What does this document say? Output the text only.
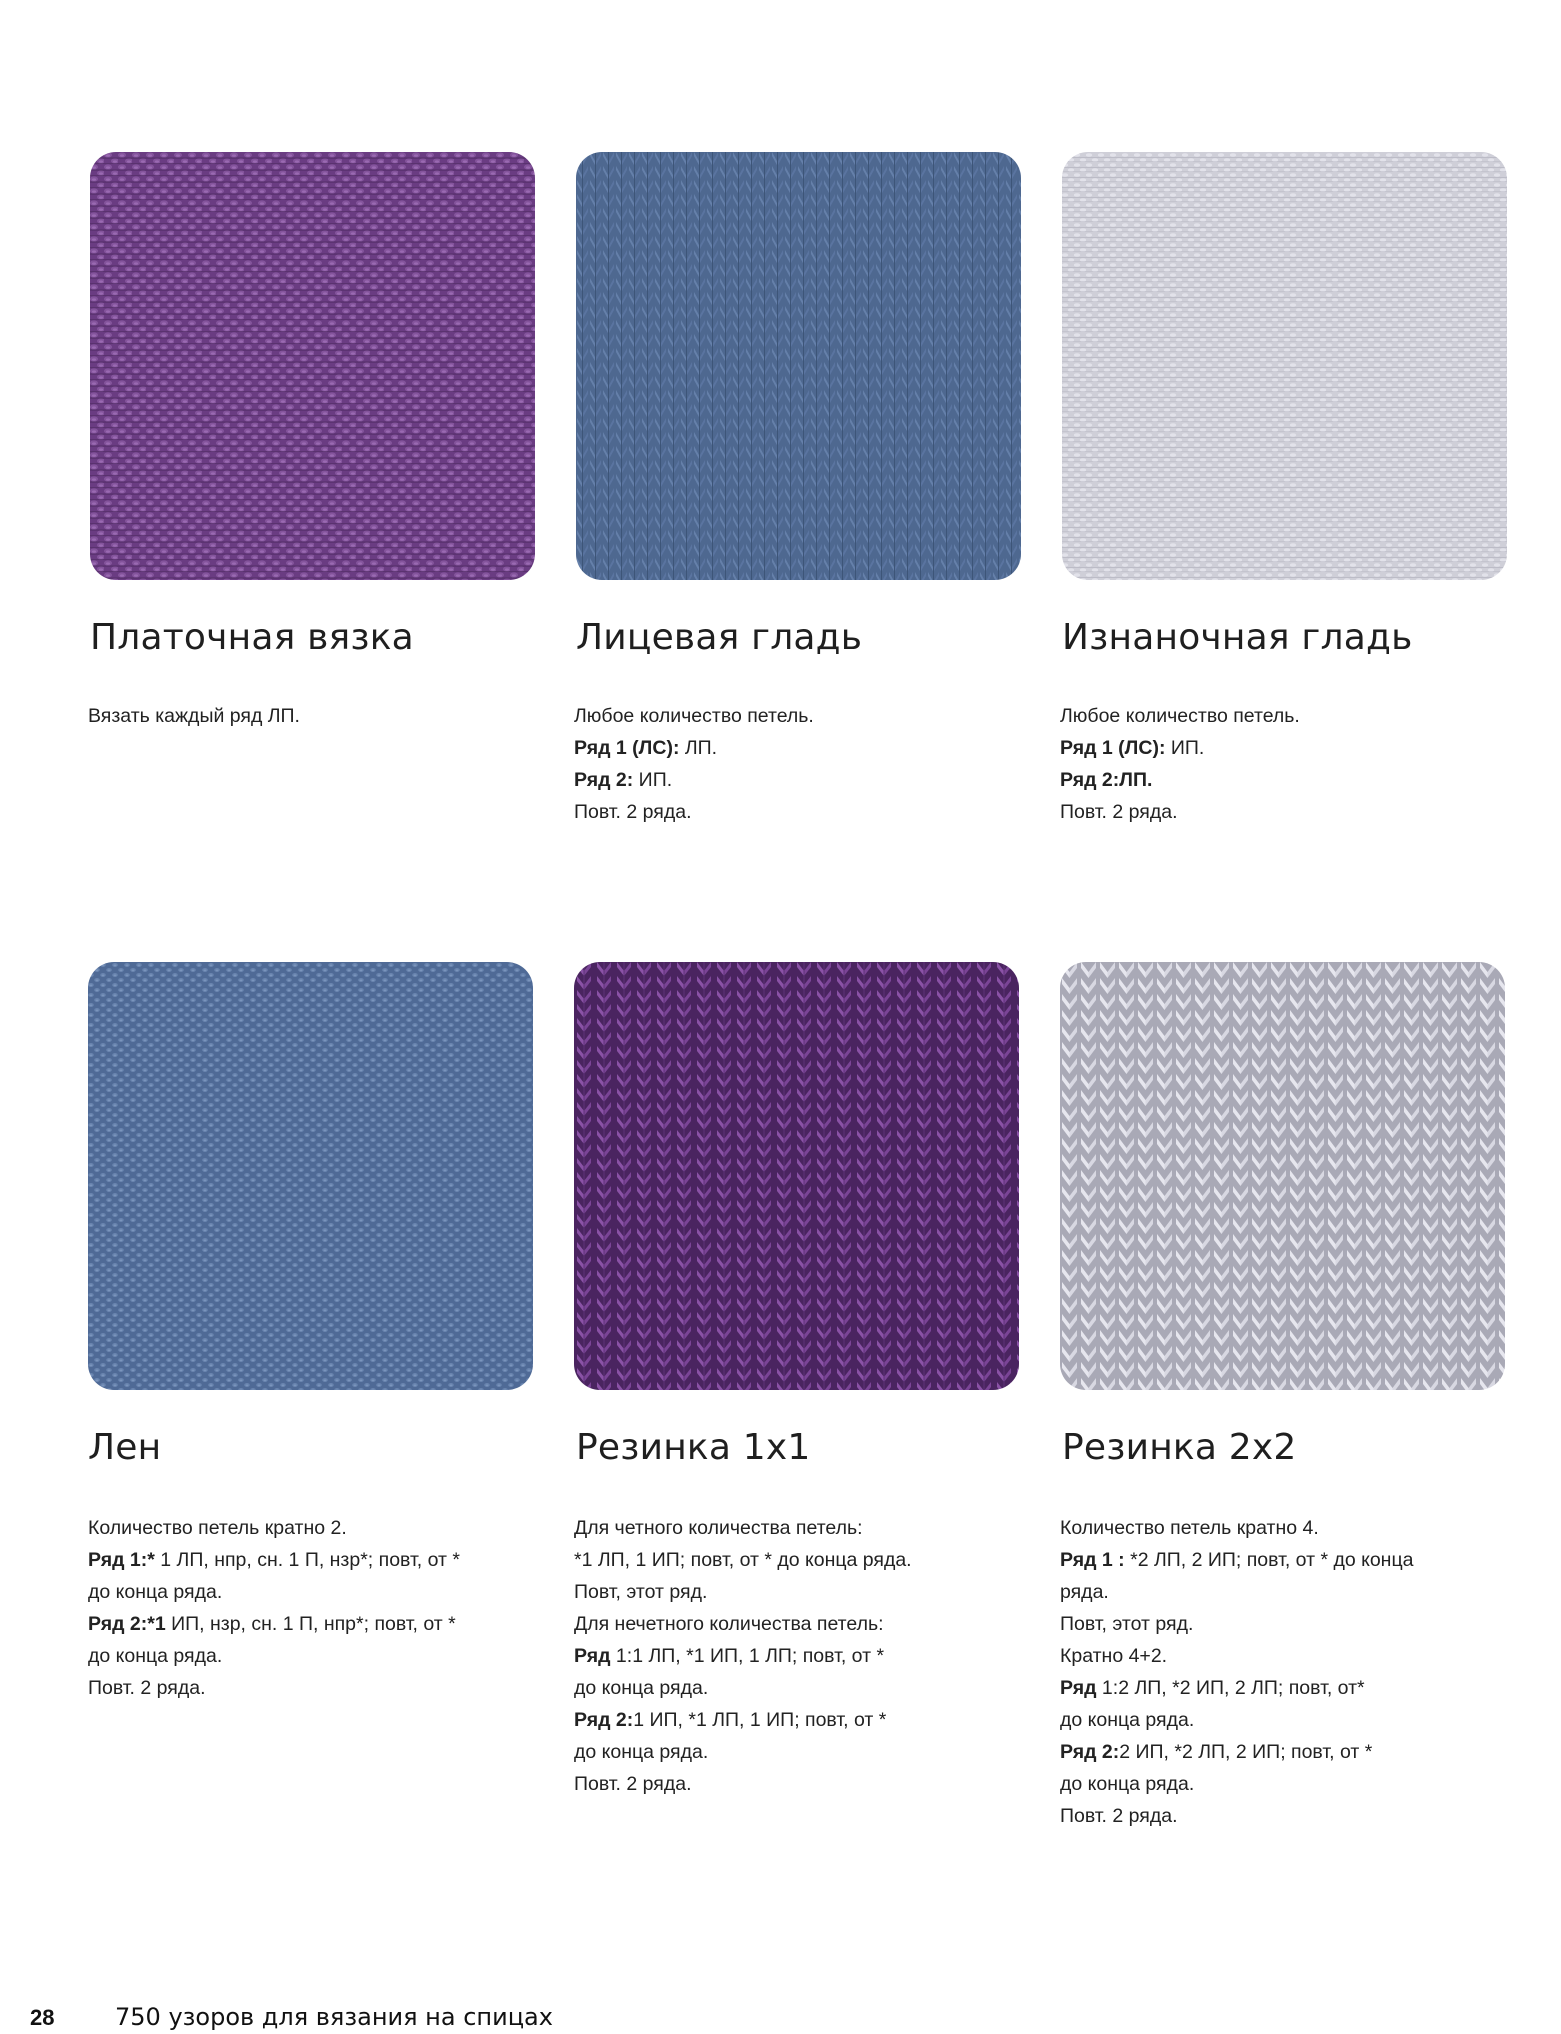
Платочная вязка	Лицевая гладь	Изнаночная гладь
Лен	Резинка 1x1	Резинка 2x2
Вязать каждый ряд ЛП.	Любое количество петель.
Ряд 1 (ЛС): ЛП.
Ряд 2: ИП.
Повт. 2 ряда.
Любое количество петель.
Ряд 1 (ЛС): ИП.
Ряд 2:ЛП.
Повт. 2 ряда.
Количество петель кратно 2.
Ряд 1:* 1 ЛП, нпр, сн. 1 П, нзр*; повт, от *
до конца ряда.
Ряд 2:*1 ИП, нзр, сн. 1 П, нпр*; повт, от *
до конца ряда.
Повт. 2 ряда.
Для четного количества петель:
*1 ЛП, 1 ИП; повт, от * до конца ряда.
Повт, этот ряд.
Для нечетного количества петель:
Ряд 1:1 ЛП, *1 ИП, 1 ЛП; повт, от *
до конца ряда.
Ряд 2:1 ИП, *1 ЛП, 1 ИП; повт, от *
до конца ряда.
Повт. 2 ряда.
Количество петель кратно 4.
Ряд 1 : *2 ЛП, 2 ИП; повт, от * до конца
ряда.
Повт, этот ряд.
Кратно 4+2.
Ряд 1:2 ЛП, *2 ИП, 2 ЛП; повт, от*
до конца ряда.
Ряд 2:2 ИП, *2 ЛП, 2 ИП; повт, от *
до конца ряда.
Повт. 2 ряда.
28	750 узоров для вязания на спицах
